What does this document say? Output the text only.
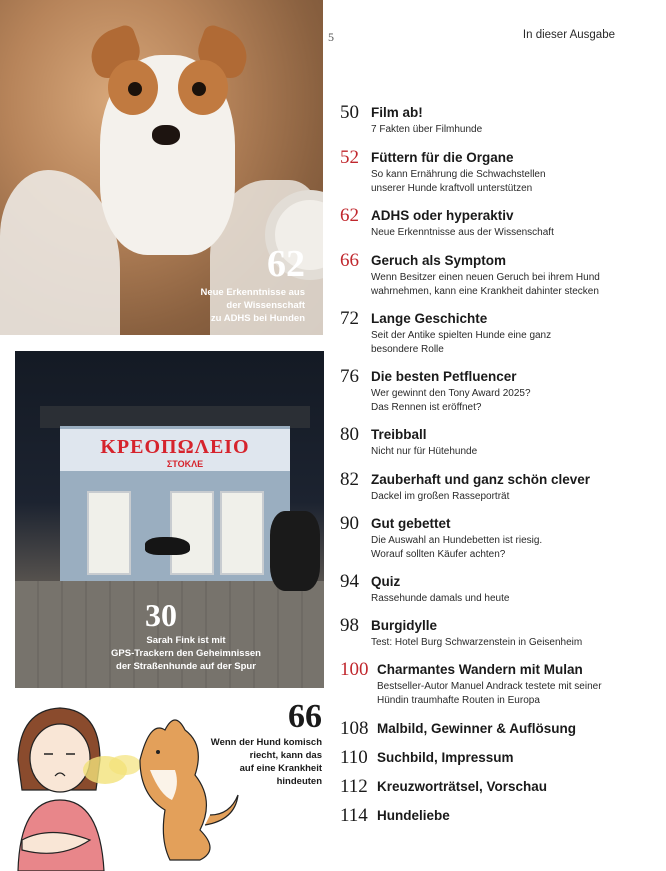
5	In dieser Ausgabe
62
Neue Erkenntnisse aus
der Wissenschaft
zu ADHS bei Hunden
ΚΡΕΟΠΩΛΕΙΟ
ΣΤΟΚΛΕ
30
Sarah Fink ist mit
GPS-Trackern den Geheimnissen
der Straßenhunde auf der Spur
66
Wenn der Hund komisch
riecht, kann das
auf eine Krankheit
hindeuten
50 Film ab!
7 Fakten über Filmhunde
52 Füttern für die Organe
So kann Ernährung die Schwachstellen
unserer Hunde kraftvoll unterstützen
62 ADHS oder hyperaktiv
Neue Erkenntnisse aus der Wissenschaft
66 Geruch als Symptom
Wenn Besitzer einen neuen Geruch bei ihrem Hund
wahrnehmen, kann eine Krankheit dahinter stecken
72 Lange Geschichte
Seit der Antike spielten Hunde eine ganz
besondere Rolle
76 Die besten Petfluencer
Wer gewinnt den Tony Award 2025?
Das Rennen ist eröffnet?
80 Treibball
Nicht nur für Hütehunde
82 Zauberhaft und ganz schön clever
Dackel im großen Rasseporträt
90 Gut gebettet
Die Auswahl an Hundebetten ist riesig.
Worauf sollten Käufer achten?
94 Quiz
Rassehunde damals und heute
98 Burgidylle
Test: Hotel Burg Schwarzenstein in Geisenheim
100 Charmantes Wandern mit Mulan
Bestseller-Autor Manuel Andrack testete mit seiner
Hündin traumhafte Routen in Europa
108 Malbild, Gewinner & Auflösung
110 Suchbild, Impressum
112 Kreuzworträtsel, Vorschau
114 Hundeliebe
